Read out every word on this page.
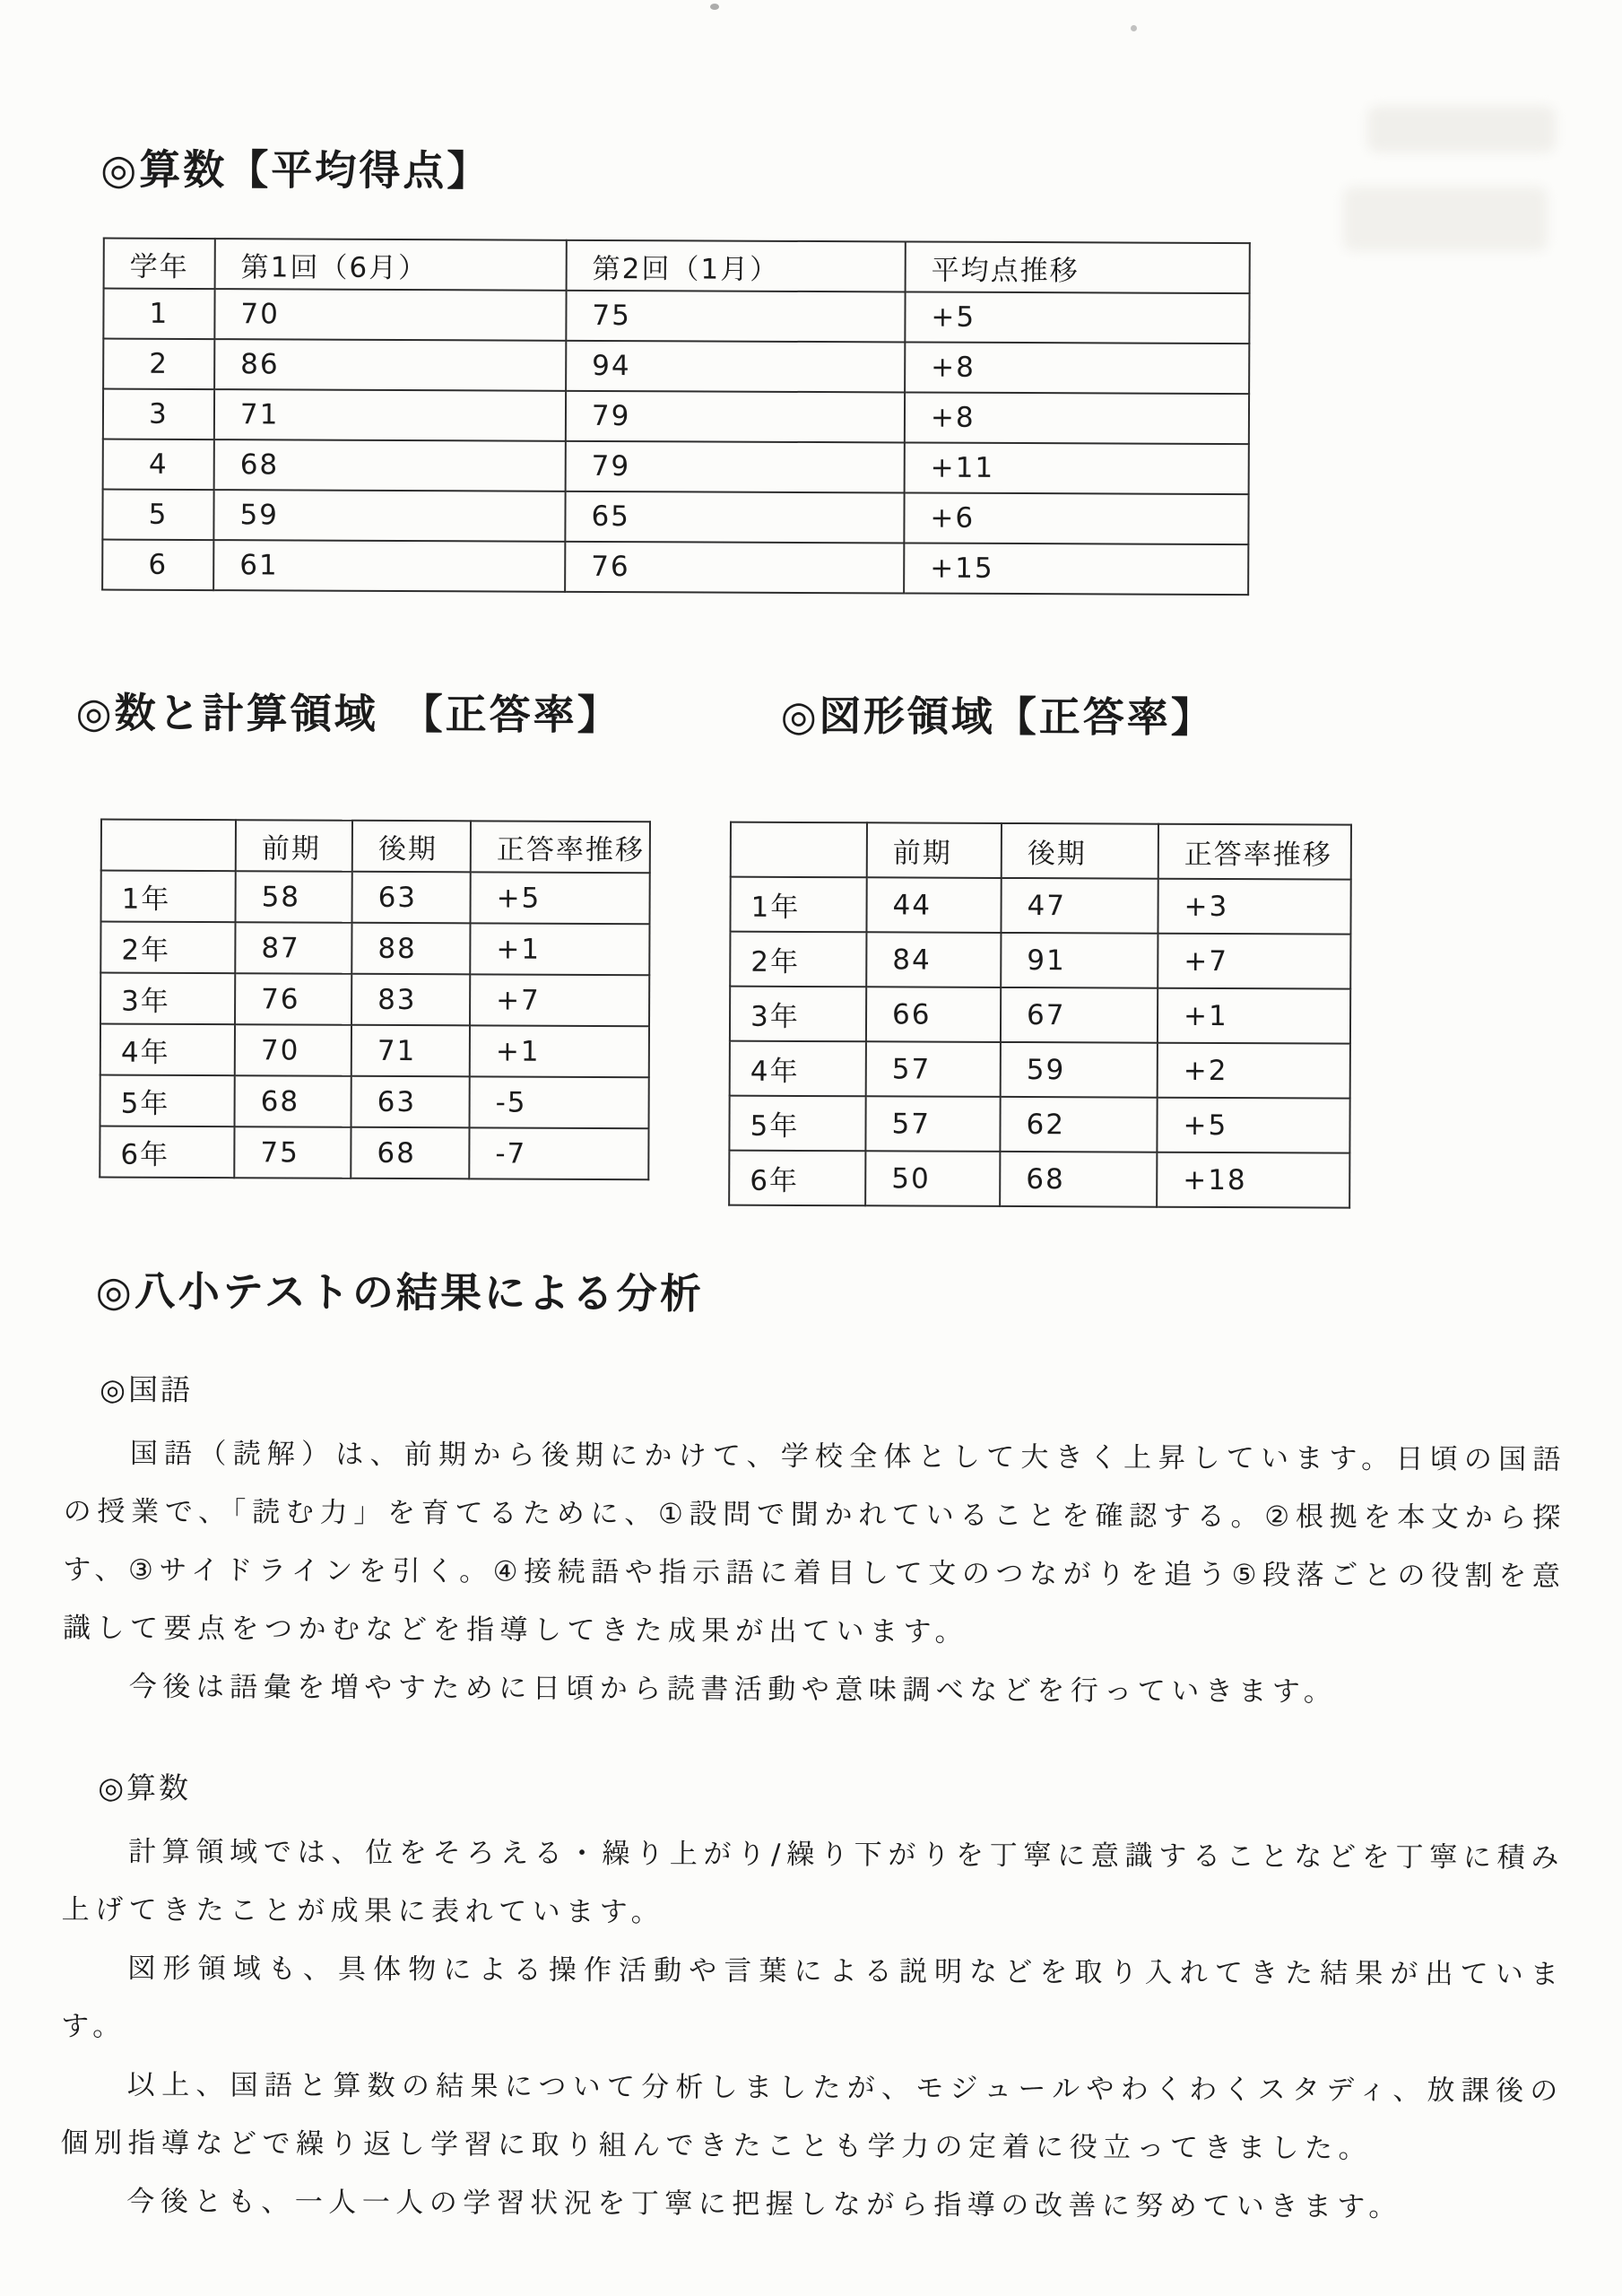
◎算数【平均得点】
学年	第1回（6月）	第2回（1月）	平均点推移
1	70	75	+5
2	86	94	+8
3	71	79	+8
4	68	79	+11
5	59	65	+6
6	61	76	+15
◎数と計算領域　【正答率】	◎図形領域【正答率】
	前期	後期	正答率推移
1年	58	63	+5
2年	87	88	+1
3年	76	83	+7
4年	70	71	+1
5年	68	63	-5
6年	75	68	-7
	前期	後期	正答率推移
1年	44	47	+3
2年	84	91	+7
3年	66	67	+1
4年	57	59	+2
5年	57	62	+5
6年	50	68	+18
◎八小テストの結果による分析
◎国語

国語（読解）は、前期から後期にかけて、学校全体として大きく上昇しています。日頃の国語の授業で、「読む力」を育てるために、①設問で聞かれていることを確認する。②根拠を本文から探す、③サイドラインを引く。④接続語や指示語に着目して文のつながりを追う⑤段落ごとの役割を意識して要点をつかむなどを指導してきた成果が出ています。

今後は語彙を増やすために日頃から読書活動や意味調べなどを行っていきます。

◎算数

計算領域では、位をそろえる・繰り上がり/繰り下がりを丁寧に意識することなどを丁寧に積み上げてきたことが成果に表れています。

図形領域も、具体物による操作活動や言葉による説明などを取り入れてきた結果が出ています。

以上、国語と算数の結果について分析しましたが、モジュールやわくわくスタディ、放課後の個別指導などで繰り返し学習に取り組んできたことも学力の定着に役立ってきました。

今後とも、一人一人の学習状況を丁寧に把握しながら指導の改善に努めていきます。
